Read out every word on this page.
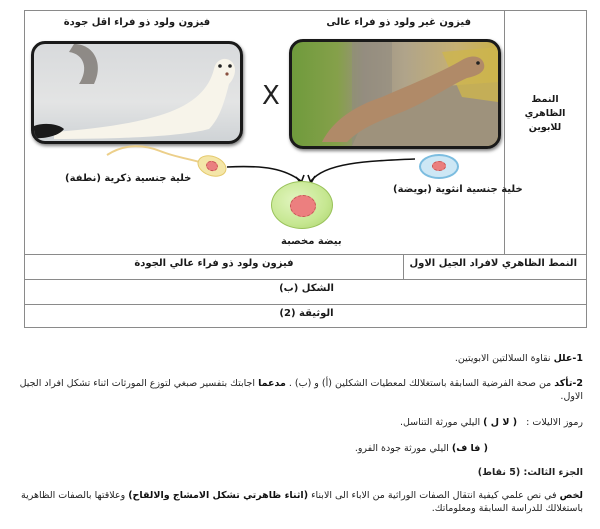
النمط الظاهري
للابوين
فيزون غير ولود ذو فراء عالى
فيزون ولود ذو فراء اقل جودة
X
خلية جنسية ذكرية (نطفة)
خلية جنسية انثوية (بويضة)
بيضة مخصبة
النمط الظاهري لافراد الجيل الاول
فيزون ولود ذو فراء عالي الجودة
الشكل (ب)
الوثيقة (2)
1-علل نقاوة السلالتين الابويتين.
2-تأكد من صحة الفرضية السابقة باستغلالك لمعطيات الشكلين (أ) و (ب) . مدعما اجابتك بتفسير صبغي لتوزع المورثات اثناء تشكل افراد الجيل الاول.
رموز الاليلات :   ( لا ل ) اليلي مورثة التناسل.
( فا ف) اليلي مورثة جودة الفرو.
الجزء الثالث: (5 نقاط)
لخص في نص علمي كيفية انتقال الصفات الوراثية من الاباء الى الابناء (اثناء ظاهرتي تشكل الامشاج والالقاح) وعلاقتها بالصفات الظاهرية باستغلالك للدراسة السابقة ومعلوماتك.
